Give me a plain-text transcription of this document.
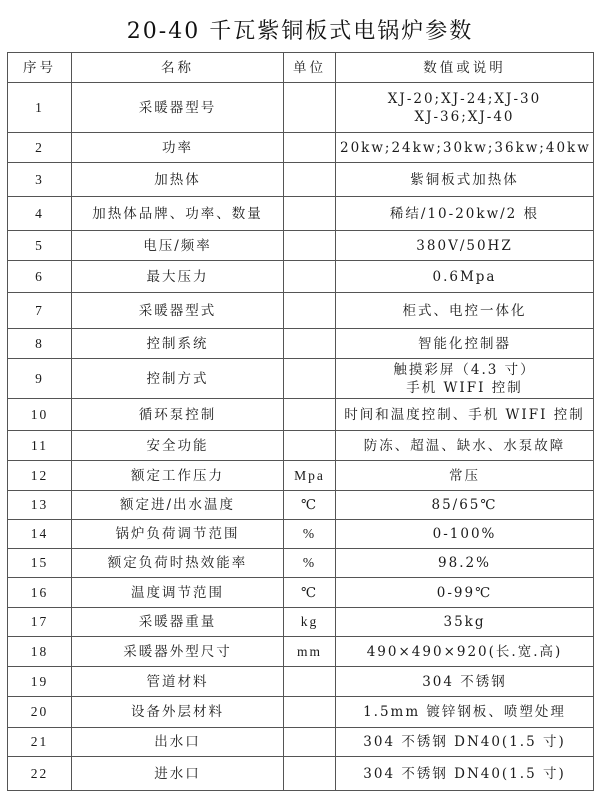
20-40 千瓦紫铜板式电锅炉参数
序号	名称	单位	数值或说明
1	采暖器型号		XJ-20;XJ-24;XJ-30
XJ-36;XJ-40

2	功率		20kw;24kw;30kw;36kw;40kw

3	加热体		紫铜板式加热体

4	加热体品牌、功率、数量		稀结/10-20kw/2 根

5	电压/频率		380V/50HZ

6	最大压力		0.6Mpa

7	采暖器型式		柜式、电控一体化

8	控制系统		智能化控制器

9	控制方式		触摸彩屏（4.3 寸）
手机 WIFI 控制

10	循环泵控制		时间和温度控制、手机 WIFI 控制

11	安全功能		防冻、超温、缺水、水泵故障

12	额定工作压力	Mpa	常压

13	额定进/出水温度	℃	85/65℃

14	锅炉负荷调节范围	%	0-100%

15	额定负荷时热效能率	%	98.2%

16	温度调节范围	℃	0-99℃

17	采暖器重量	kg	35kg

18	采暖器外型尺寸	mm	490×490×920(长.宽.高)

19	管道材料		304 不锈钢

20	设备外层材料		1.5mm 镀锌钢板、喷塑处理

21	出水口		304 不锈钢 DN40(1.5 寸)

22	进水口		304 不锈钢 DN40(1.5 寸)
